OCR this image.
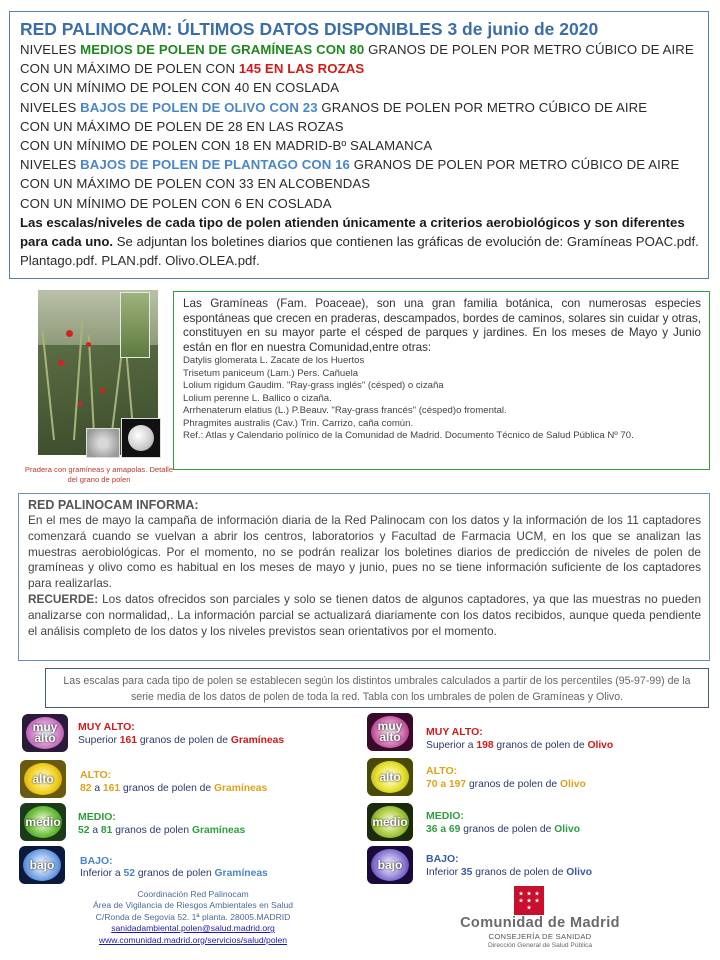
RED PALINOCAM: ÚLTIMOS DATOS DISPONIBLES 3 de junio de 2020
NIVELES MEDIOS DE POLEN DE GRAMÍNEAS CON 80 GRANOS DE POLEN POR METRO CÚBICO DE AIRE
CON UN MÁXIMO DE POLEN CON 145 EN LAS ROZAS
CON UN MÍNIMO DE POLEN CON 40 EN COSLADA
NIVELES BAJOS DE POLEN DE OLIVO CON 23 GRANOS DE POLEN POR METRO CÚBICO DE AIRE
CON UN MÁXIMO DE POLEN DE 28 EN LAS ROZAS
CON UN MÍNIMO DE POLEN CON 18 EN MADRID-Bº SALAMANCA
NIVELES BAJOS DE POLEN DE PLANTAGO CON 16 GRANOS DE POLEN POR METRO CÚBICO DE AIRE
CON UN MÁXIMO DE POLEN CON 33 EN ALCOBENDAS
CON UN MÍNIMO DE POLEN CON 6 EN COSLADA
Las escalas/niveles de cada tipo de polen atienden únicamente a criterios aerobiológicos y son diferentes para cada uno. Se adjuntan los boletines diarios que contienen las gráficas de evolución de: Gramíneas POAC.pdf. Plantago.pdf. PLAN.pdf. Olivo.OLEA.pdf.
Pradera con gramíneas y amapolas. Detalle del grano de polen
Las Gramíneas (Fam. Poaceae), son una gran familia botánica, con numerosas especies espontáneas que crecen en praderas, descampados, bordes de caminos, solares sin cuidar y otras, constituyen en su mayor parte el césped de parques y jardines. En los meses de Mayo y Junio están en flor en nuestra Comunidad,entre otras:
Datylis glomerata L. Zacate de los Huertos
Trisetum paniceum (Lam.) Pers. Cañuela
Lolium rigidum Gaudim. "Ray-grass inglés" (césped) o cizaña
Lolium perenne L. Ballico o cizaña.
Arrhenaterum elatius (L.) P.Beauv. "Ray-grass francés" (césped)o fromental.
Phragmites australis (Cav.) Trin. Carrizo, caña común.
Ref.: Atlas y Calendario polínico de la Comunidad de Madrid. Documento Técnico de Salud Pública Nº 70.
RED PALINOCAM INFORMA:
En el mes de mayo la campaña de información diaria de la Red Palinocam con los datos y la información de los 11 captadores comenzará cuando se vuelvan a abrir los centros, laboratorios y Facultad de Farmacia UCM, en los que se analizan las muestras aerobiológicas. Por el momento, no se podrán realizar los boletines diarios de predicción de niveles de polen de gramíneas y olivo como es habitual en los meses de mayo y junio, pues no se tiene información suficiente de los captadores para realizarlas.
RECUERDE: Los datos ofrecidos son parciales y solo se tienen datos de algunos captadores, ya que las muestras no pueden analizarse con normalidad,. La información parcial se actualizará diariamente con los datos recibidos, aunque queda pendiente el análisis completo de los datos y los niveles previstos sean orientativos por el momento.
Las escalas para cada tipo de polen se establecen según los distintos umbrales calculados a partir de los percentiles (95-97-99) de la serie media de los datos de polen de toda la red. Tabla con los umbrales de polen de Gramíneas y Olivo.
muy alto
MUY ALTO:
Superior 161 granos de polen de Gramíneas
alto	ALTO:
82 a 161 granos de polen de Gramíneas
medio	MEDIO:
52 a 81 granos de polen Gramíneas
bajo	BAJO:
Inferior a 52 granos de polen Gramíneas
muy alto	MUY ALTO:
Superior a 198 granos de polen de Olivo
alto	ALTO:
70 a 197 granos de polen de Olivo
medio	MEDIO:
36 a 69 granos de polen de Olivo
bajo	BAJO:
Inferior 35 granos de polen de Olivo
Coordinación Red Palinocam
Área de Vigilancia de Riesgos Ambientales en Salud
C/Ronda de Segovia 52. 1ª planta. 28005.MADRID
sanidadambiental.polen@salud.madrid.org
www.comunidad.madrid.org/servicios/salud/polen
Comunidad de Madrid
CONSEJERÍA DE SANIDAD
Dirección General de Salud Pública
